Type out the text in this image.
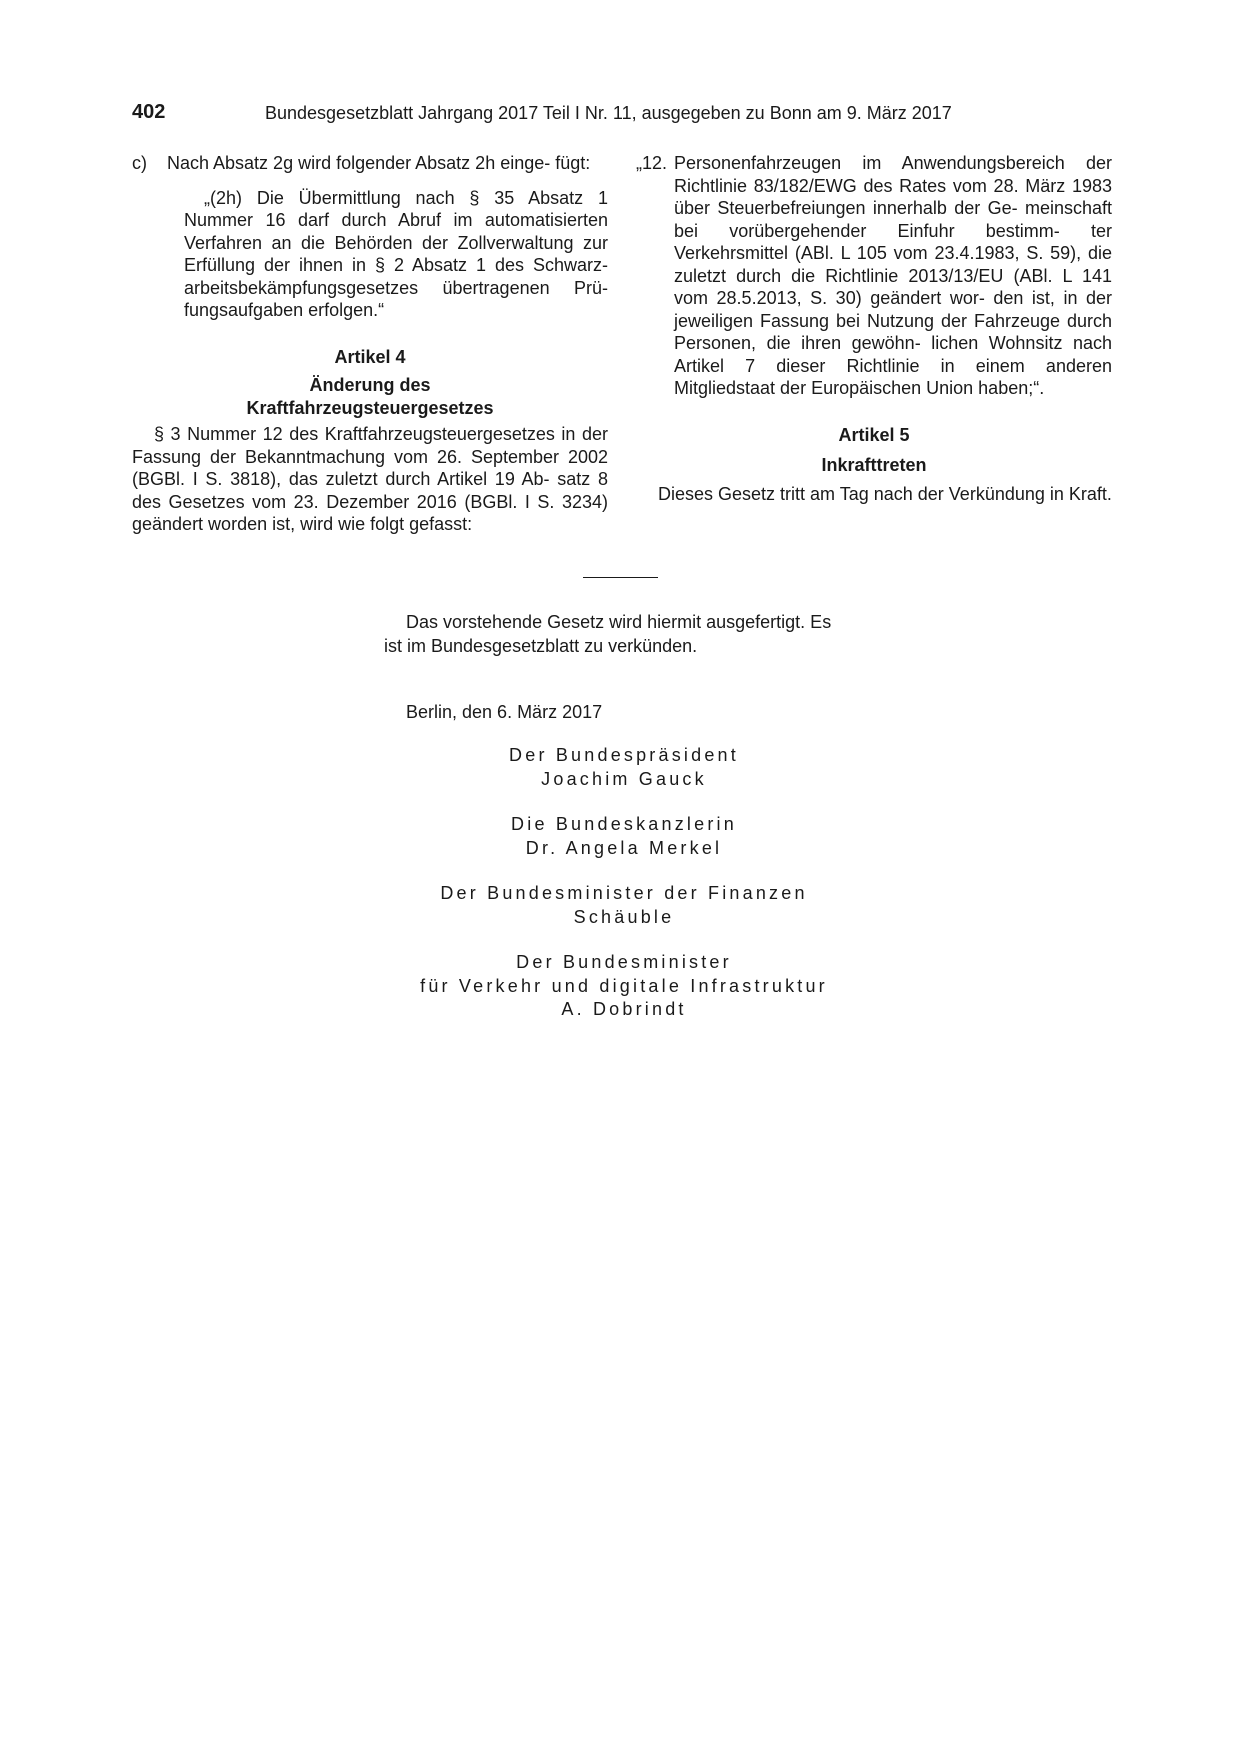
402	Bundesgesetzblatt Jahrgang 2017 Teil I Nr. 11, ausgegeben zu Bonn am 9. März 2017
c)	Nach Absatz 2g wird folgender Absatz 2h einge- fügt:
„(2h) Die Übermittlung nach § 35 Absatz 1 Nummer 16 darf durch Abruf im automatisierten Verfahren an die Behörden der Zollverwaltung zur Erfüllung der ihnen in § 2 Absatz 1 des Schwarz- arbeitsbekämpfungsgesetzes übertragenen Prü- fungsaufgaben erfolgen.“
Artikel 4
Änderung des
Kraftfahrzeugsteuergesetzes
§ 3 Nummer 12 des Kraftfahrzeugsteuergesetzes in der Fassung der Bekanntmachung vom 26. September 2002 (BGBl. I S. 3818), das zuletzt durch Artikel 19 Ab- satz 8 des Gesetzes vom 23. Dezember 2016 (BGBl. I S. 3234) geändert worden ist, wird wie folgt gefasst:
„12. Personenfahrzeugen im Anwendungsbereich der Richtlinie 83/182/EWG des Rates vom 28. März 1983 über Steuerbefreiungen innerhalb der Ge- meinschaft bei vorübergehender Einfuhr bestimm- ter Verkehrsmittel (ABl. L 105 vom 23.4.1983, S. 59), die zuletzt durch die Richtlinie 2013/13/EU (ABl. L 141 vom 28.5.2013, S. 30) geändert wor- den ist, in der jeweiligen Fassung bei Nutzung der Fahrzeuge durch Personen, die ihren gewöhn- lichen Wohnsitz nach Artikel 7 dieser Richtlinie in einem anderen Mitgliedstaat der Europäischen Union haben;“.
Artikel 5
Inkrafttreten
Dieses Gesetz tritt am Tag nach der Verkündung in Kraft.
Das vorstehende Gesetz wird hiermit ausgefertigt. Es
ist im Bundesgesetzblatt zu verkünden.
Berlin, den 6. März 2017
Der Bundespräsident
Joachim Gauck
Die Bundeskanzlerin
Dr. Angela Merkel
Der Bundesminister der Finanzen
Schäuble
Der Bundesminister
für Verkehr und digitale Infrastruktur
A. Dobrindt
